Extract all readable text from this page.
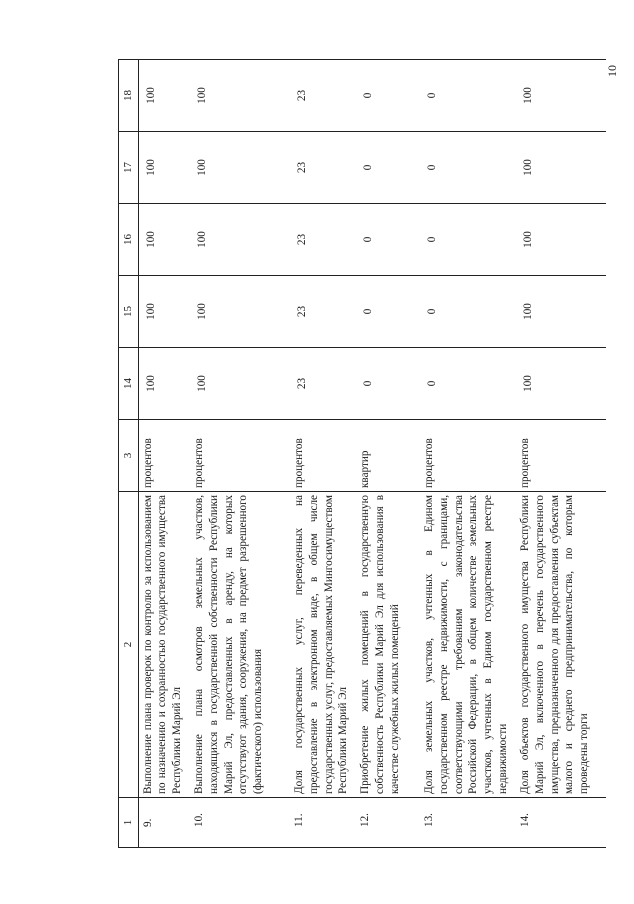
10
1	2	3	14	15	16	17	18
9.	Выполнение плана проверок по контролю за использованием по назначению и сохранностью государственного имущества Республики Марий Эл	процентов	100	100	100	100	100
10.	Выполнение плана осмотров земельных участков, находящихся в государственной собственности Республики Марий Эл, предоставленных в аренду, на которых отсутствуют здания, сооружения, на предмет разрешенного (фактического) использования	процентов	100	100	100	100	100
11.	Доля государственных услуг, переведенных на предоставление в электронном виде, в общем числе государственных услуг, предоставляемых Мингосимуществом Республики Марий Эл	процентов	23	23	23	23	23
12.	Приобретение жилых помещений в государственную собственность Республики Марий Эл для использования в качестве служебных жилых помещений	квартир	0	0	0	0	0
13.	Доля земельных участков, учтенных в Едином государственном реестре недвижимости, с границами, соответствующими требованиям законодательства Российской Федерации, в общем количестве земельных участков, учтенных в Едином государственном реестре недвижимости	процентов	0	0	0	0	0
14.	Доля объектов государственного имущества Республики Марий Эл, включенного в перечень государственного имущества, предназначенного для предоставления субъектам малого и среднего предпринимательства, по которым проведены торги	процентов	100	100	100	100	100
